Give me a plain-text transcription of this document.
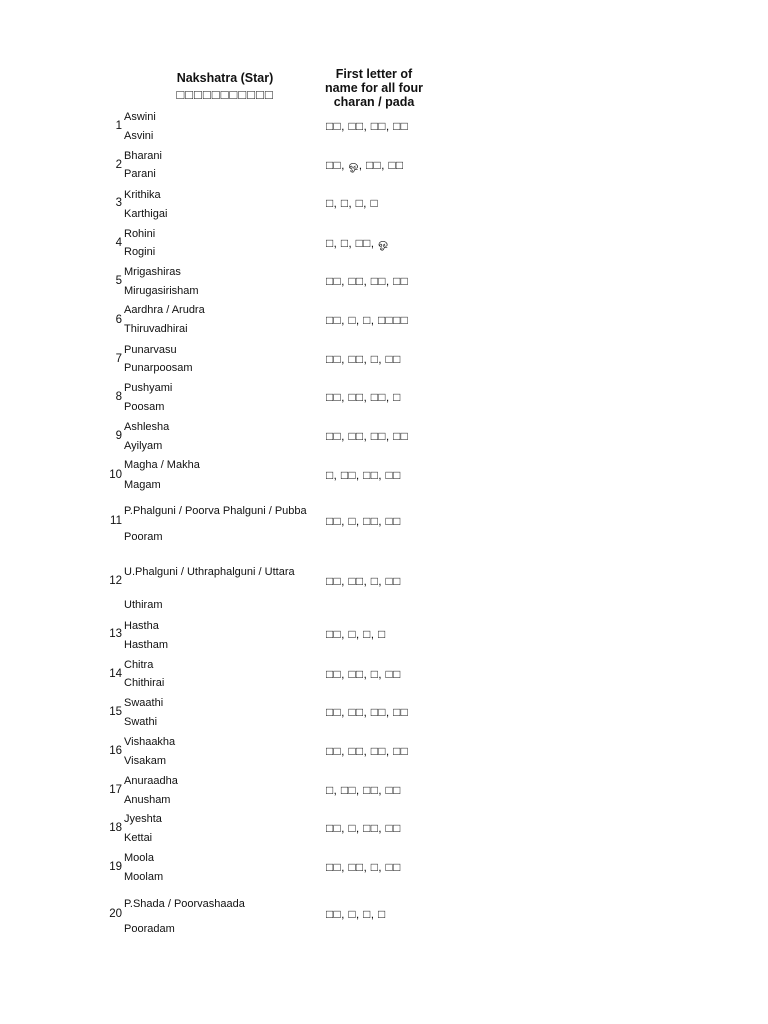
Nakshatra (Star)
□□□□□□□□□□□
First letter of
name for all four
charan / pada
1
Aswini
Asvini
□□, □□, □□, □□
2
Bharani
Parani
□□, ஓ, □□, □□
3
Krithika
Karthigai
□, □, □, □
4
Rohini
Rogini
□, □, □□, ஓ
5
Mrigashiras
Mirugasirisham
□□, □□, □□, □□
6
Aardhra / Arudra
Thiruvadhirai
□□, □, □, □□□□
7
Punarvasu
Punarpoosam
□□, □□, □, □□
8
Pushyami
Poosam
□□, □□, □□, □
9
Ashlesha
Ayilyam
□□, □□, □□, □□
10
Magha / Makha
Magam
□, □□, □□, □□
11
P.Phalguni / Poorva Phalguni / Pubba
Pooram
□□, □, □□, □□
12
U.Phalguni / Uthraphalguni / Uttara
Uthiram
□□, □□, □, □□
13
Hastha
Hastham
□□, □, □, □
14
Chitra
Chithirai
□□, □□, □, □□
15
Swaathi
Swathi
□□, □□, □□, □□
16
Vishaakha
Visakam
□□, □□, □□, □□
17
Anuraadha
Anusham
□, □□, □□, □□
18
Jyeshta
Kettai
□□, □, □□, □□
19
Moola
Moolam
□□, □□, □, □□
20
P.Shada / Poorvashaada
Pooradam
□□, □, □, □
